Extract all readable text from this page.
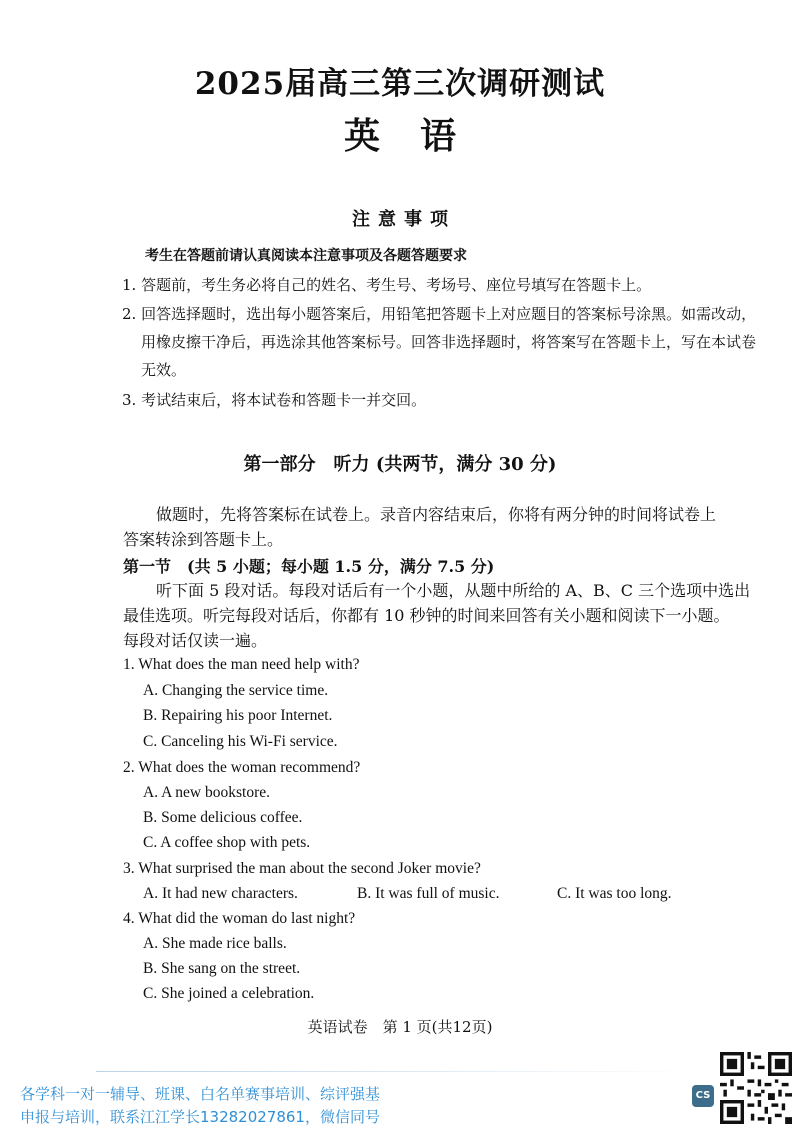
2025届高三第三次调研测试
英语
注意事项
考生在答题前请认真阅读本注意事项及各题答题要求
1. 答题前，考生务必将自己的姓名、考生号、考场号、座位号填写在答题卡上。
2. 回答选择题时，选出每小题答案后，用铅笔把答题卡上对应题目的答案标号涂黑。如需改动，
用橡皮擦干净后，再选涂其他答案标号。回答非选择题时，将答案写在答题卡上，写在本试卷
无效。
3. 考试结束后，将本试卷和答题卡一并交回。
第一部分　听力 (共两节，满分 30 分)
做题时，先将答案标在试卷上。录音内容结束后，你将有两分钟的时间将试卷上
答案转涂到答题卡上。
第一节　(共 5 小题；每小题 1.5 分，满分 7.5 分)
听下面 5 段对话。每段对话后有一个小题，从题中所给的 A、B、C 三个选项中选出
最佳选项。听完每段对话后，你都有 10 秒钟的时间来回答有关小题和阅读下一小题。
每段对话仅读一遍。
1. What does the man need help with?
A. Changing the service time.
B. Repairing his poor Internet.
C. Canceling his Wi-Fi service.
2. What does the woman recommend?
A. A new bookstore.
B. Some delicious coffee.
C. A coffee shop with pets.
3. What surprised the man about the second Joker movie?
A. It had new characters.	B. It was full of music.	C. It was too long.
4. What did the woman do last night?
A. She made rice balls.
B. She sang on the street.
C. She joined a celebration.
英语试卷　第 1 页(共12页)
各学科一对一辅导、班课、白名单赛事培训、综评强基
申报与培训，联系江江学长13282027861，微信同号
CS
